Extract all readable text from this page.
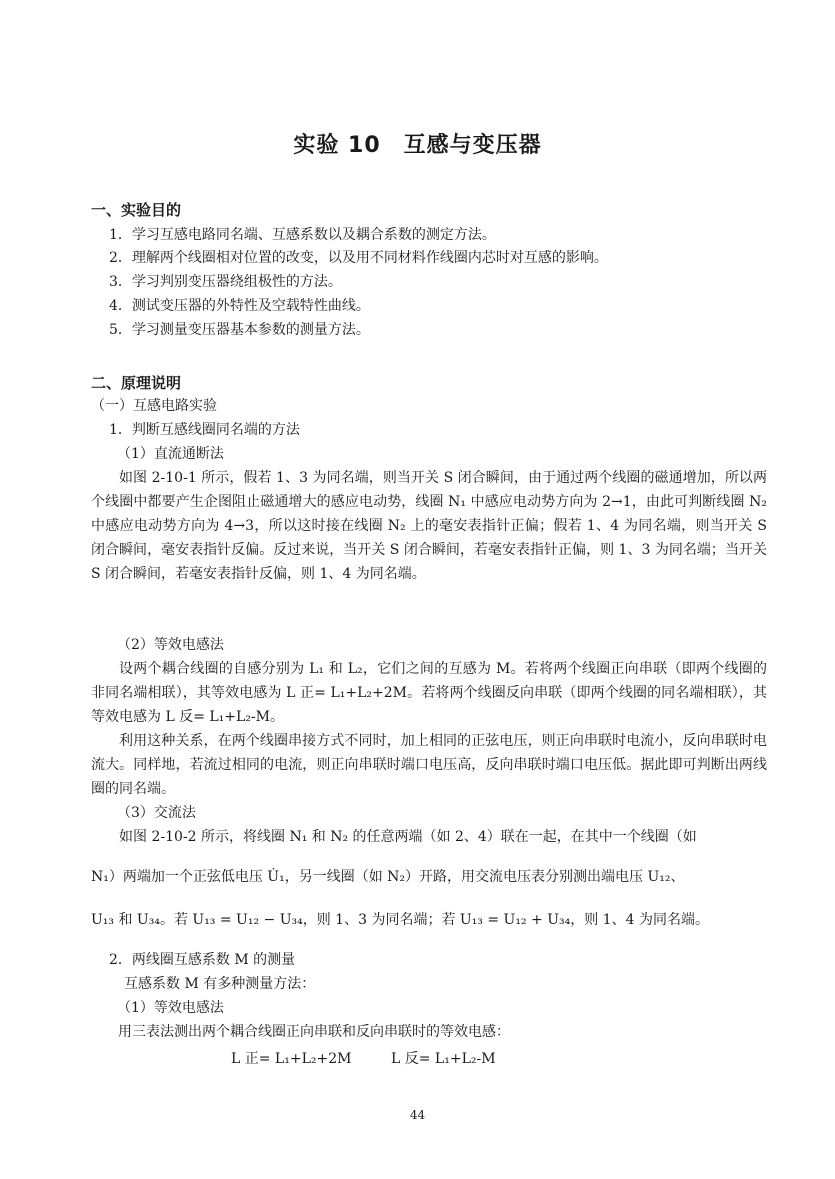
实验 10　互感与变压器
一、实验目的
1．学习互感电路同名端、互感系数以及耦合系数的测定方法。
2．理解两个线圈相对位置的改变，以及用不同材料作线圈内芯时对互感的影响。
3．学习判别变压器绕组极性的方法。
4．测试变压器的外特性及空载特性曲线。
5．学习测量变压器基本参数的测量方法。
二、原理说明
（一）互感电路实验
1．判断互感线圈同名端的方法
（1）直流通断法
如图 2-10-1 所示，假若 1、3 为同名端，则当开关 S 闭合瞬间，由于通过两个线圈的磁通增加，所以两个线圈中都要产生企图阻止磁通增大的感应电动势，线圈 N₁ 中感应电动势方向为 2→1，由此可判断线圈 N₂ 中感应电动势方向为 4→3，所以这时接在线圈 N₂ 上的毫安表指针正偏；假若 1、4 为同名端，则当开关 S 闭合瞬间，毫安表指针反偏。反过来说，当开关 S 闭合瞬间，若毫安表指针正偏，则 1、3 为同名端；当开关 S 闭合瞬间，若毫安表指针反偏，则 1、4 为同名端。
（2）等效电感法
设两个耦合线圈的自感分别为 L₁ 和 L₂，它们之间的互感为 M。若将两个线圈正向串联（即两个线圈的非同名端相联），其等效电感为 L 正= L₁+L₂+2M。若将两个线圈反向串联（即两个线圈的同名端相联），其等效电感为 L 反= L₁+L₂-M。
利用这种关系，在两个线圈串接方式不同时，加上相同的正弦电压，则正向串联时电流小，反向串联时电流大。同样地，若流过相同的电流，则正向串联时端口电压高，反向串联时端口电压低。据此即可判断出两线圈的同名端。
（3）交流法
如图 2-10-2 所示，将线圈 N₁ 和 N₂ 的任意两端（如 2、4）联在一起，在其中一个线圈（如
N₁）两端加一个正弦低电压 U̇₁，另一线圈（如 N₂）开路，用交流电压表分别测出端电压 U₁₂、
U₁₃ 和 U₃₄。若 U₁₃ = U₁₂ − U₃₄，则 1、3 为同名端；若 U₁₃ = U₁₂ + U₃₄，则 1、4 为同名端。
2．两线圈互感系数 M 的测量
互感系数 M 有多种测量方法：
（1）等效电感法
用三表法测出两个耦合线圈正向串联和反向串联时的等效电感：
L 正= L₁+L₂+2M	L 反= L₁+L₂-M
44
